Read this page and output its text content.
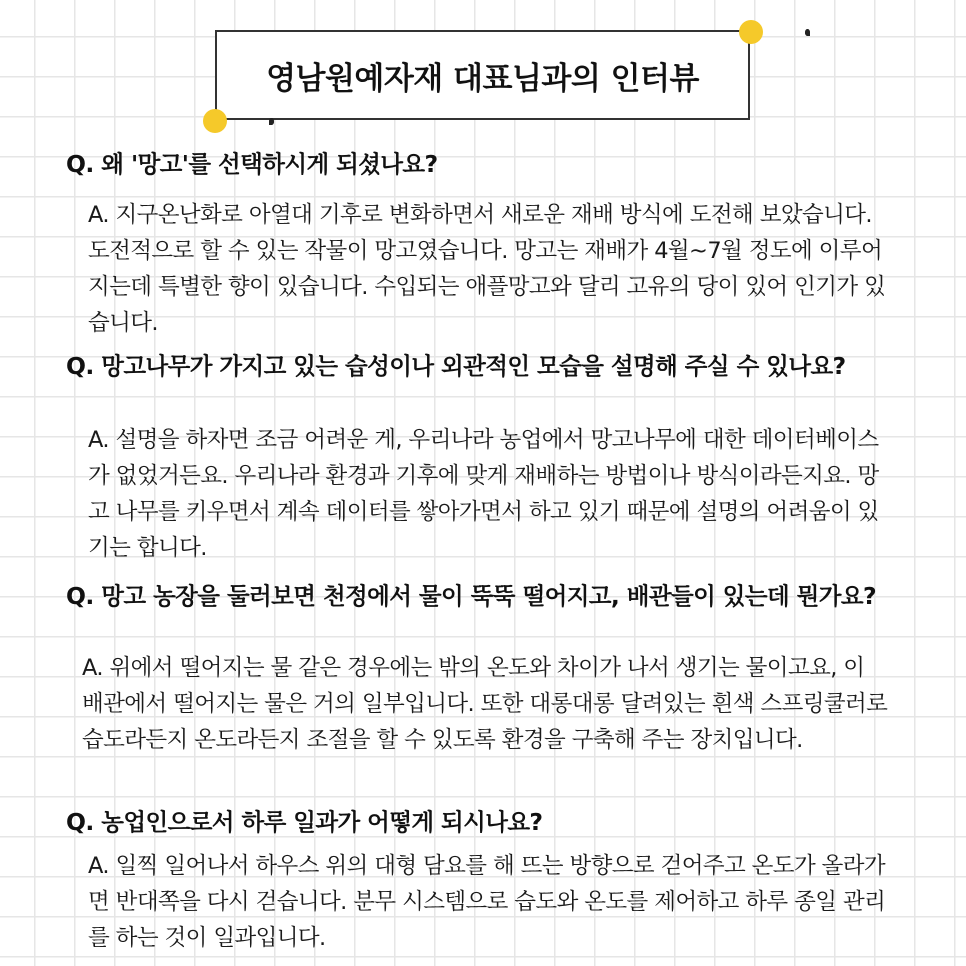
영남원예자재 대표님과의 인터뷰
Q. 왜 '망고'를 선택하시게 되셨나요?
A. 지구온난화로 아열대 기후로 변화하면서 새로운 재배 방식에 도전해 보았습니다. 도전적으로 할 수 있는 작물이 망고였습니다. 망고는 재배가 4월~7월 정도에 이루어지는데 특별한 향이 있습니다. 수입되는 애플망고와 달리 고유의 당이 있어 인기가 있습니다.
Q. 망고나무가 가지고 있는 습성이나 외관적인 모습을 설명해 주실 수 있나요?
A. 설명을 하자면 조금 어려운 게, 우리나라 농업에서 망고나무에 대한 데이터베이스가 없었거든요. 우리나라 환경과 기후에 맞게 재배하는 방법이나 방식이라든지요. 망고 나무를 키우면서 계속 데이터를 쌓아가면서 하고 있기 때문에 설명의 어려움이 있기는 합니다.
Q. 망고 농장을 둘러보면 천정에서 물이 뚝뚝 떨어지고, 배관들이 있는데 뭔가요?
A. 위에서 떨어지는 물 같은 경우에는 밖의 온도와 차이가 나서 생기는 물이고요, 이 배관에서 떨어지는 물은 거의 일부입니다. 또한 대롱대롱 달려있는 흰색 스프링쿨러로 습도라든지 온도라든지 조절을 할 수 있도록 환경을 구축해 주는 장치입니다.
Q. 농업인으로서 하루 일과가 어떻게 되시나요?
A. 일찍 일어나서 하우스 위의 대형 담요를 해 뜨는 방향으로 걷어주고 온도가 올라가면 반대쪽을 다시 걷습니다. 분무 시스템으로 습도와 온도를 제어하고 하루 종일 관리를 하는 것이 일과입니다.
